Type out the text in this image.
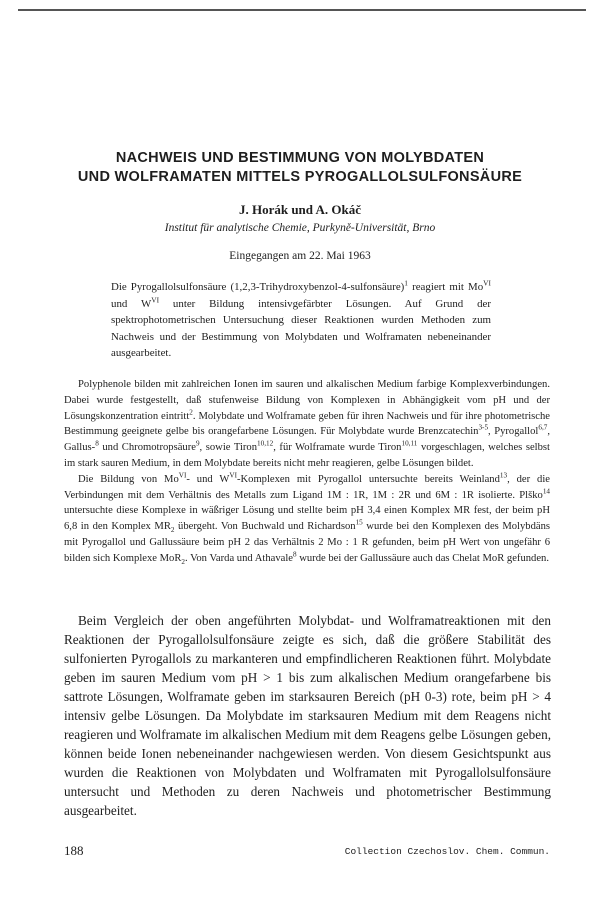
NACHWEIS UND BESTIMMUNG VON MOLYBDATEN
UND WOLFRAMATEN MITTELS PYROGALLOLSULFONSÄURE
J. Horák und A. Okáč
Institut für analytische Chemie, Purkyně-Universität, Brno
Eingegangen am 22. Mai 1963
Die Pyrogallolsulfonsäure (1,2,3-Trihydroxybenzol-4-sulfonsäure)$^1$ reagiert mit $Mo^{VI}$ und $W^{VI}$ unter Bildung intensivgefärbter Lösungen. Auf Grund der spektrophotometrischen Untersuchung dieser Reaktionen wurden Methoden zum Nachweis und der Bestimmung von Molybdaten und Wolframaten nebeneinander ausgearbeitet.

Polyphenole bilden mit zahlreichen Ionen im sauren und alkalischen Medium farbige Komplexverbindungen. Dabei wurde festgestellt, daß stufenweise Bildung von Komplexen in Abhängigkeit vom pH und der Lösungskonzentration eintritt$^2$. Molybdate und Wolframate geben für ihren Nachweis und für ihre photometrische Bestimmung geeignete gelbe bis orangefarbene Lösungen. Für Molybdate wurde Brenzcatechin$^{3-5}$, Pyrogallol$^{6,7}$, Gallus-$^8$ und Chromotropsäure$^9$, sowie Tiron$^{10,12}$, für Wolframate wurde Tiron$^{10,11}$ vorgeschlagen, welches selbst im stark sauren Medium, in dem Molybdate bereits nicht mehr reagieren, gelbe Lösungen bildet.

Die Bildung von $Mo^{VI}-$ und $W^{VI}$-Komplexen mit Pyrogallol untersuchte bereits Weinland$^{13}$, der die Verbindungen mit dem Verhältnis des Metalls zum Ligand 1M : 1R, 1M : 2R und 6M : 1R isolierte. Plško$^{14}$ untersuchte diese Komplexe in wäßriger Lösung und stellte beim pH 3,4 einen Komplex MR fest, der beim pH 6,8 in den Komplex $MR_2$ übergeht. Von Buchwald und Richardson$^{15}$ wurde bei den Komplexen des Molybdäns mit Pyrogallol und Gallussäure beim pH 2 das Verhältnis 2 Mo : 1 R gefunden, beim pH Wert von ungefähr 6 bilden sich Komplexe MoR$_2$. Von Varda und Athavale$^8$ wurde bei der Gallussäure auch das Chelat MoR gefunden.

Beim Vergleich der oben angeführten Molybdat- und Wolframatreaktionen mit den Reaktionen der Pyrogallolsulfonsäure zeigte es sich, daß die größere Stabilität des sulfonierten Pyrogallols zu markanteren und empfindlicheren Reaktionen führt. Molybdate geben im sauren Medium vom pH > 1 bis zum alkalischen Medium orangefarbene bis sattrote Lösungen, Wolframate geben im starksauren Bereich (pH 0-3) rote, beim pH > 4 intensiv gelbe Lösungen. Da Molybdate im starksauren Medium mit dem Reagens nicht reagieren und Wolframate im alkalischen Medium mit dem Reagens gelbe Lösungen geben, können beide Ionen nebeneinander nachgewiesen werden. Von diesem Gesichtspunkt aus wurden die Reaktionen von Molybdaten und Wolframaten mit Pyrogallolsulfonsäure untersucht und Methoden zu deren Nachweis und photometrischer Bestimmung ausgearbeitet.

188	Collection Czechoslov. Chem. Commun.
